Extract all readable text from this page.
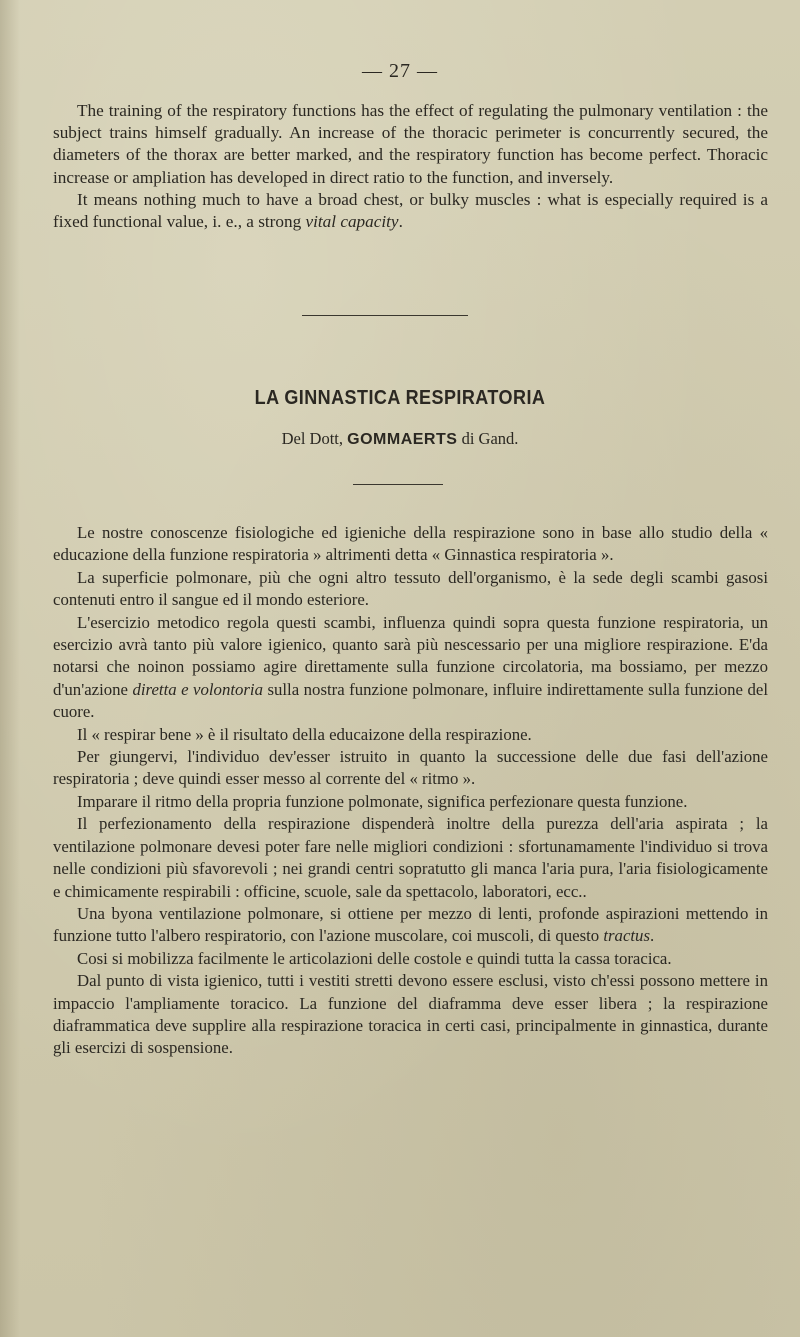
— 27 —

The training of the respiratory functions has the effect of regulating the pulmonary ventilation : the subject trains himself gradually. An increase of the thoracic perimeter is concurrently secured, the diameters of the thorax are better marked, and the respiratory function has become perfect. Thoracic increase or ampliation has developed in direct ratio to the function, and inversely.

It means nothing much to have a broad chest, or bulky muscles : what is especially required is a fixed functional value, i. e., a strong vital capacity.

LA GINNASTICA RESPIRATORIA
Del Dott, GOMMAERTS di Gand.

Le nostre conoscenze fisiologiche ed igieniche della respirazione sono in base allo studio della « educazione della funzione respiratoria » altrimenti detta « Ginnastica respiratoria ».

La superficie polmonare, più che ogni altro tessuto dell'organismo, è la sede degli scambi gasosi contenuti entro il sangue ed il mondo esteriore.

L'esercizio metodico regola questi scambi, influenza quindi sopra questa funzione respiratoria, un esercizio avrà tanto più valore igienico, quanto sarà più nescessario per una migliore respirazione. E'da notarsi che noinon possiamo agire direttamente sulla funzione circolatoria, ma bossiamo, per mezzo d'un'azione diretta e volontoria sulla nostra funzione polmonare, influire indirettamente sulla funzione del cuore.

Il « respirar bene » è il risultato della educaizone della respirazione.

Per giungervi, l'individuo dev'esser istruito in quanto la successione delle due fasi dell'azione respiratoria ; deve quindi esser messo al corrente del « ritmo ».

Imparare il ritmo della propria funzione polmonate, significa perfezionare questa funzione.

Il perfezionamento della respirazione dispenderà inoltre della purezza dell'aria aspirata ; la ventilazione polmonare devesi poter fare nelle migliori condizioni : sfortunamamente l'individuo si trova nelle condizioni più sfavorevoli ; nei grandi centri sopratutto gli manca l'aria pura, l'aria fisiologicamente e chimicamente respirabili : officine, scuole, sale da spettacolo, laboratori, ecc..

Una byona ventilazione polmonare, si ottiene per mezzo di lenti, profonde aspirazioni mettendo in funzione tutto l'albero respiratorio, con l'azione muscolare, coi muscoli, di questo tractus.

Cosi si mobilizza facilmente le articolazioni delle costole e quindi tutta la cassa toracica.

Dal punto di vista igienico, tutti i vestiti stretti devono essere esclusi, visto ch'essi possono mettere in impaccio l'ampliamente toracico. La funzione del diaframma deve esser libera ; la respirazione diaframmatica deve supplire alla respirazione toracica in certi casi, principalmente in ginnastica, durante gli esercizi di sospensione.
